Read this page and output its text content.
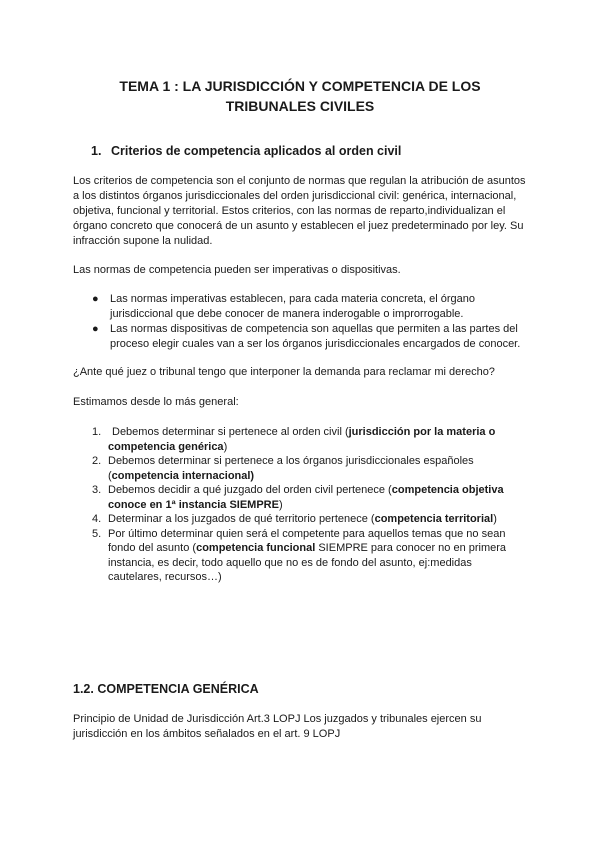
TEMA 1 : LA JURISDICCIÓN Y COMPETENCIA DE LOS TRIBUNALES CIVILES
1. Criterios de competencia aplicados al orden civil

Los criterios de competencia son el conjunto de normas que regulan la atribución de asuntos a los distintos órganos jurisdiccionales del orden jurisdiccional civil: genérica, internacional, objetiva, funcional y territorial. Estos criterios, con las normas de reparto,individualizan el órgano concreto que conocerá de un asunto y establecen el juez predeterminado por ley. Su infracción supone la nulidad.

Las normas de competencia pueden ser imperativas o dispositivas.

● Las normas imperativas establecen, para cada materia concreta, el órgano jurisdiccional que debe conocer de manera inderogable o improrrogable.
● Las normas dispositivas de competencia son aquellas que permiten a las partes del proceso elegir cuales van a ser los órganos jurisdiccionales encargados de conocer.

¿Ante qué juez o tribunal tengo que interponer la demanda para reclamar mi derecho?

Estimamos desde lo más general:

1. Debemos determinar si pertenece al orden civil (jurisdicción por la materia o competencia genérica)
2. Debemos determinar si pertenece a los órganos jurisdiccionales españoles (competencia internacional)
3. Debemos decidir a qué juzgado del orden civil pertenece (competencia objetiva conoce en 1ª instancia SIEMPRE)
4. Determinar a los juzgados de qué territorio pertenece (competencia territorial)
5. Por último determinar quien será el competente para aquellos temas que no sean fondo del asunto (competencia funcional SIEMPRE para conocer no en primera instancia, es decir, todo aquello que no es de fondo del asunto, ej:medidas cautelares, recursos…)
1.2. COMPETENCIA GENÉRICA

Principio de Unidad de Jurisdicción Art.3 LOPJ Los juzgados y tribunales ejercen su jurisdicción en los ámbitos señalados en el art. 9 LOPJ
